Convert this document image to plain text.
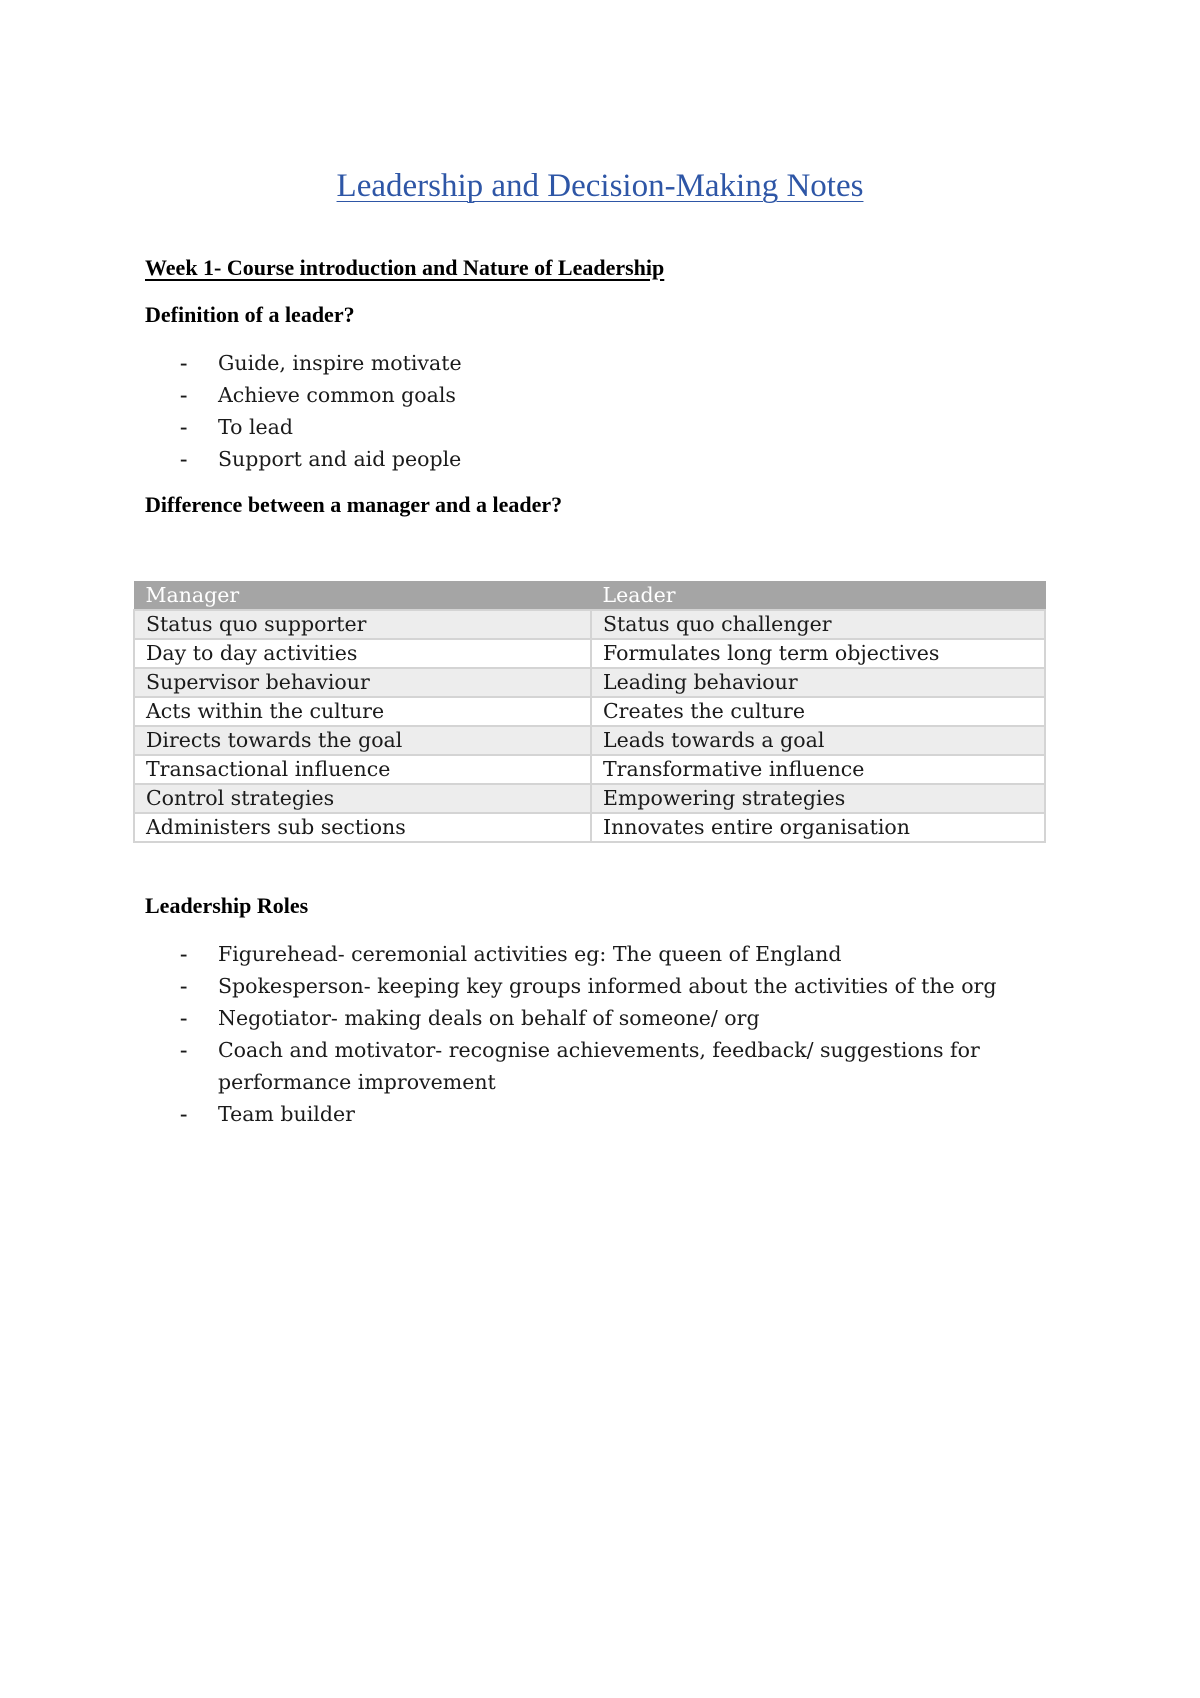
Leadership and Decision-Making Notes
Week 1- Course introduction and Nature of Leadership
Definition of a leader?
- Guide, inspire motivate
- Achieve common goals
- To lead
- Support and aid people
Difference between a manager and a leader?
Manager	Leader
Status quo supporter	Status quo challenger
Day to day activities	Formulates long term objectives
Supervisor behaviour	Leading behaviour
Acts within the culture	Creates the culture
Directs towards the goal	Leads towards a goal
Transactional influence	Transformative influence
Control strategies	Empowering strategies
Administers sub sections	Innovates entire organisation
Leadership Roles
- Figurehead- ceremonial activities eg: The queen of England
- Spokesperson- keeping key groups informed about the activities of the org
- Negotiator- making deals on behalf of someone/ org
- Coach and motivator- recognise achievements, feedback/ suggestions for performance improvement
- Team builder
